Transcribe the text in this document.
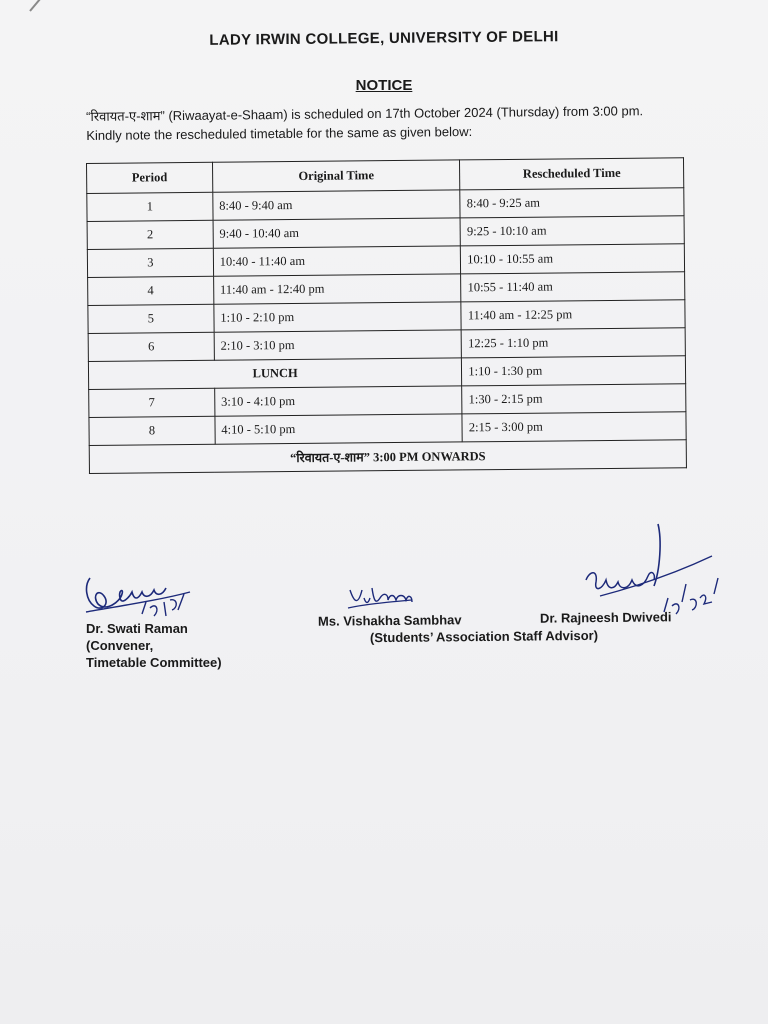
LADY IRWIN COLLEGE, UNIVERSITY OF DELHI
NOTICE
“रिवायत-ए-शाम” (Riwaayat-e-Shaam) is scheduled on 17th October 2024 (Thursday) from 3:00 pm. Kindly note the rescheduled timetable for the same as given below:
Period	Original Time	Rescheduled Time
1	8:40 - 9:40 am	8:40 - 9:25 am
2	9:40 - 10:40 am	9:25 - 10:10 am
3	10:40 - 11:40 am	10:10 - 10:55 am
4	11:40 am - 12:40 pm	10:55 - 11:40 am
5	1:10 - 2:10 pm	11:40 am - 12:25 pm
6	2:10 - 3:10 pm	12:25 - 1:10 pm
LUNCH		1:10 - 1:30 pm
7	3:10 - 4:10 pm	1:30 - 2:15 pm
8	4:10 - 5:10 pm	2:15 - 3:00 pm
“रिवायत-ए-शाम” 3:00 PM ONWARDS		
Dr. Swati Raman
(Convener,
Timetable Committee)
Ms. Vishakha Sambhav	Dr. Rajneesh Dwivedi
(Students’ Association Staff Advisor)
